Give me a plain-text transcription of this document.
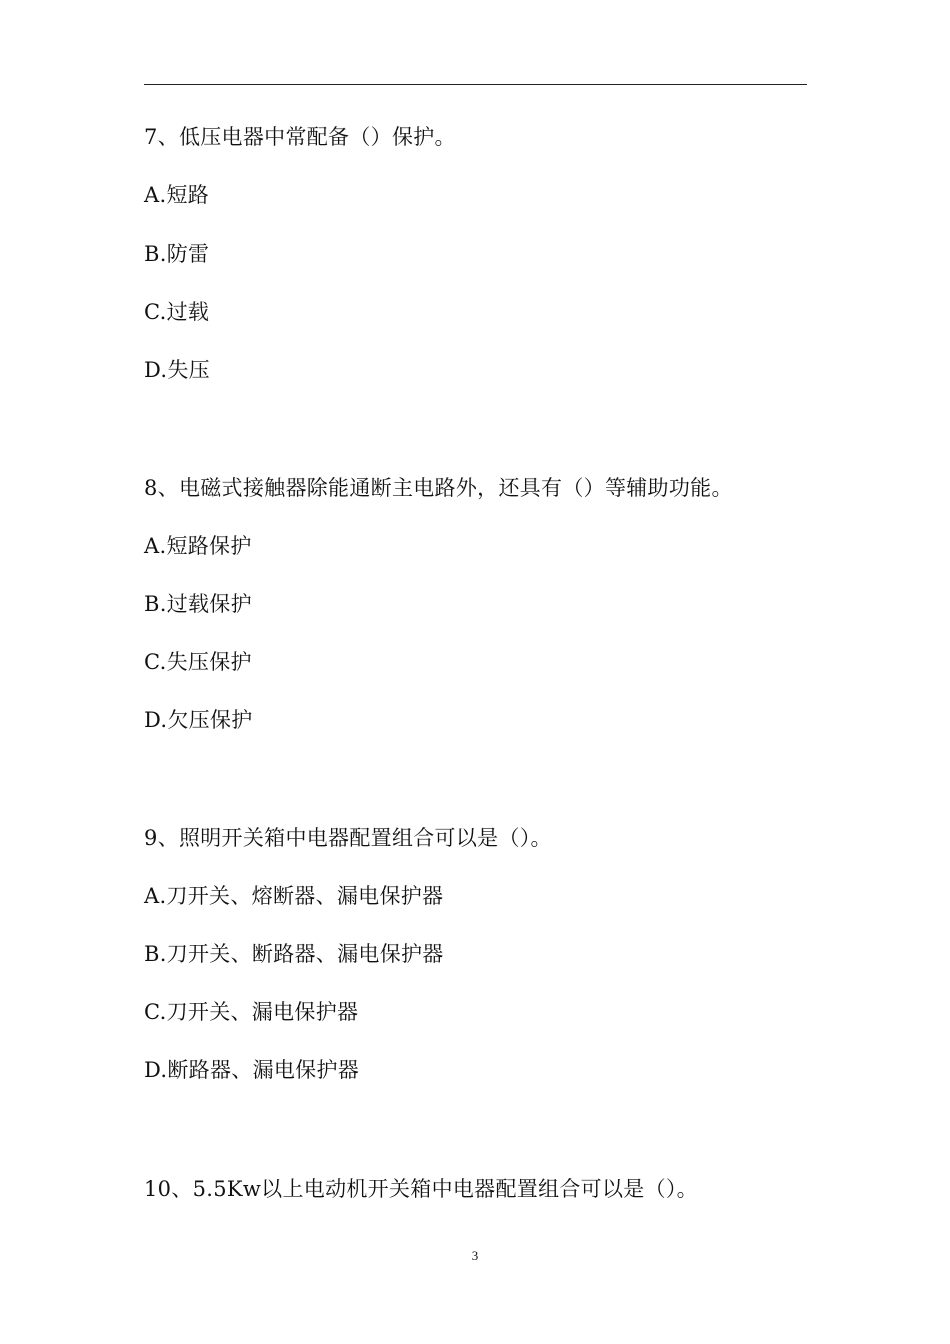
7、低压电器中常配备（）保护。
A.短路
B.防雷
C.过载
D.失压
8、电磁式接触器除能通断主电路外，还具有（）等辅助功能。
A.短路保护
B.过载保护
C.失压保护
D.欠压保护
9、照明开关箱中电器配置组合可以是（）。
A.刀开关、熔断器、漏电保护器
B.刀开关、断路器、漏电保护器
C.刀开关、漏电保护器
D.断路器、漏电保护器
10、5.5Kw以上电动机开关箱中电器配置组合可以是（）。
3
